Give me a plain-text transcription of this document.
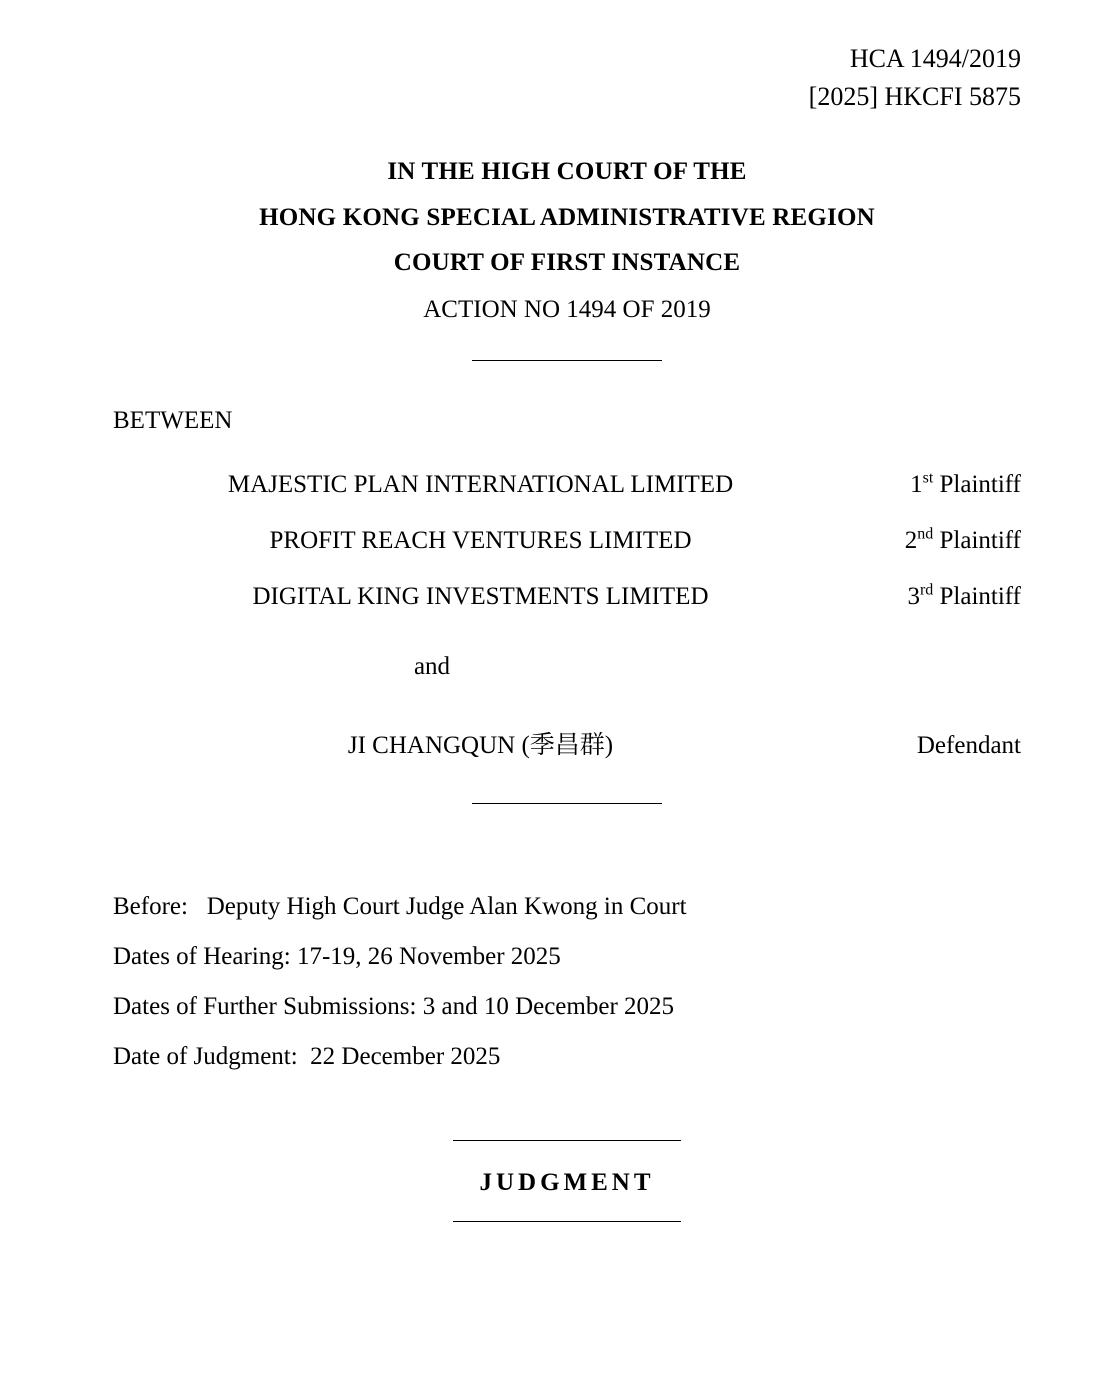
HCA 1494/2019
[2025] HKCFI 5875
IN THE HIGH COURT OF THE
HONG KONG SPECIAL ADMINISTRATIVE REGION
COURT OF FIRST INSTANCE
ACTION NO 1494 OF 2019
BETWEEN
MAJESTIC PLAN INTERNATIONAL LIMITED	1st Plaintiff
PROFIT REACH VENTURES LIMITED	2nd Plaintiff
DIGITAL KING INVESTMENTS LIMITED	3rd Plaintiff
and
JI CHANGQUN (季昌群)	Defendant
Before:   Deputy High Court Judge Alan Kwong in Court
Dates of Hearing: 17-19, 26 November 2025
Dates of Further Submissions: 3 and 10 December 2025
Date of Judgment:  22 December 2025
JUDGMENT
